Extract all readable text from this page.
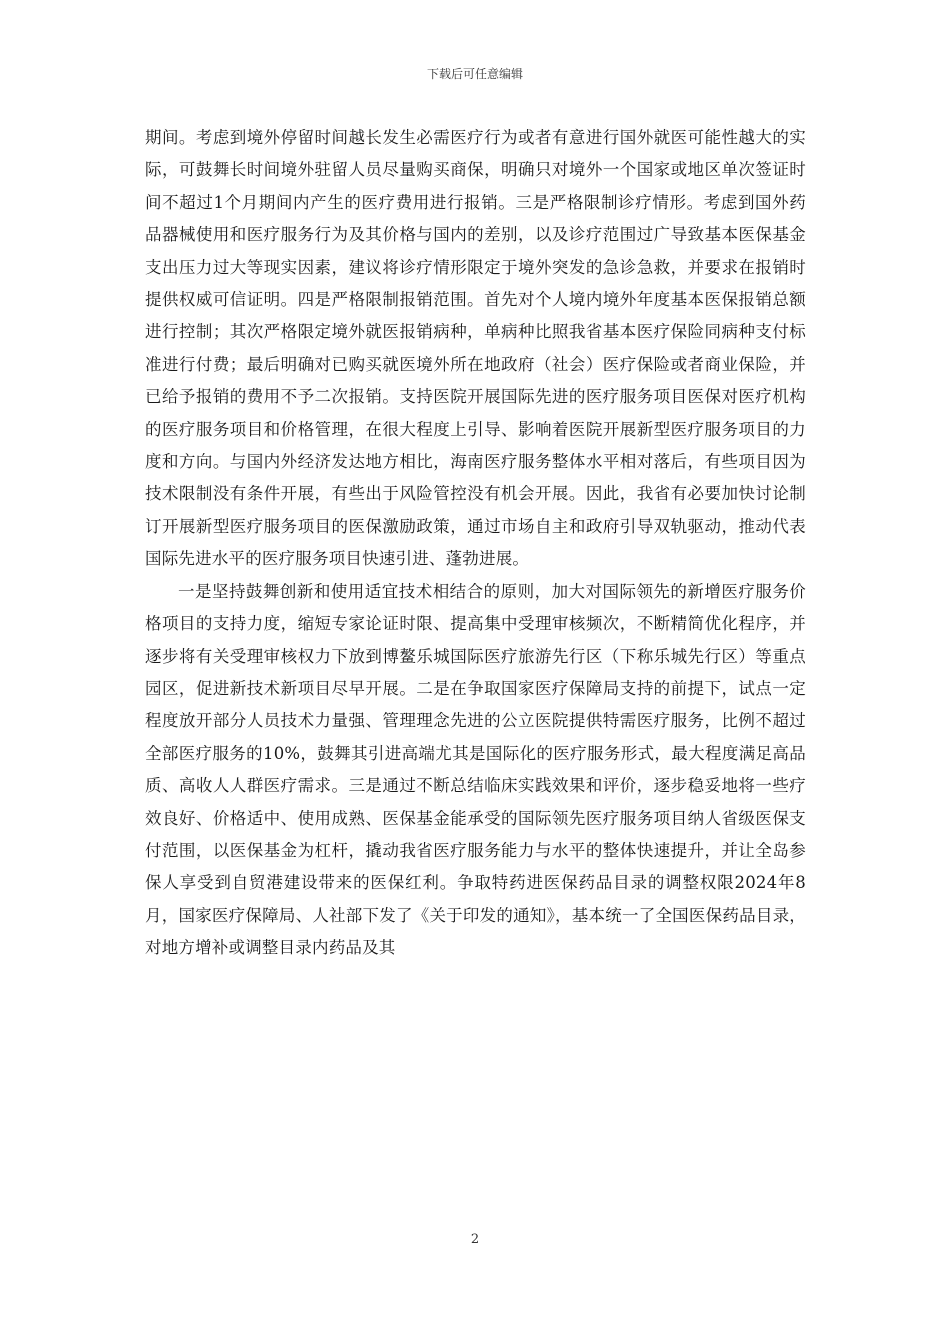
下载后可任意编辑

期间。考虑到境外停留时间越长发生必需医疗行为或者有意进行国外就医可能性越大的实际，可鼓舞长时间境外驻留人员尽量购买商保，明确只对境外一个国家或地区单次签证时间不超过1个月期间内产生的医疗费用进行报销。三是严格限制诊疗情形。考虑到国外药品器械使用和医疗服务行为及其价格与国内的差别，以及诊疗范围过广导致基本医保基金支出压力过大等现实因素，建议将诊疗情形限定于境外突发的急诊急救，并要求在报销时提供权威可信证明。四是严格限制报销范围。首先对个人境内境外年度基本医保报销总额进行控制；其次严格限定境外就医报销病种，单病种比照我省基本医疗保险同病种支付标准进行付费；最后明确对已购买就医境外所在地政府（社会）医疗保险或者商业保险，并已给予报销的费用不予二次报销。支持医院开展国际先进的医疗服务项目医保对医疗机构的医疗服务项目和价格管理，在很大程度上引导、影响着医院开展新型医疗服务项目的力度和方向。与国内外经济发达地方相比，海南医疗服务整体水平相对落后，有些项目因为技术限制没有条件开展，有些出于风险管控没有机会开展。因此，我省有必要加快讨论制订开展新型医疗服务项目的医保激励政策，通过市场自主和政府引导双轨驱动，推动代表国际先进水平的医疗服务项目快速引进、蓬勃进展。

一是坚持鼓舞创新和使用适宜技术相结合的原则，加大对国际领先的新增医疗服务价格项目的支持力度，缩短专家论证时限、提高集中受理审核频次，不断精简优化程序，并逐步将有关受理审核权力下放到博鳌乐城国际医疗旅游先行区（下称乐城先行区）等重点园区，促进新技术新项目尽早开展。二是在争取国家医疗保障局支持的前提下，试点一定程度放开部分人员技术力量强、管理理念先进的公立医院提供特需医疗服务，比例不超过全部医疗服务的10%，鼓舞其引进高端尤其是国际化的医疗服务形式，最大程度满足高品质、高收人人群医疗需求。三是通过不断总结临床实践效果和评价，逐步稳妥地将一些疗效良好、价格适中、使用成熟、医保基金能承受的国际领先医疗服务项目纳人省级医保支付范围，以医保基金为杠杆，撬动我省医疗服务能力与水平的整体快速提升，并让全岛参保人享受到自贸港建设带来的医保红利。争取特药进医保药品目录的调整权限2024年8月，国家医疗保障局、人社部下发了《关于印发的通知》，基本统一了全国医保药品目录，对地方增补或调整目录内药品及其

2
